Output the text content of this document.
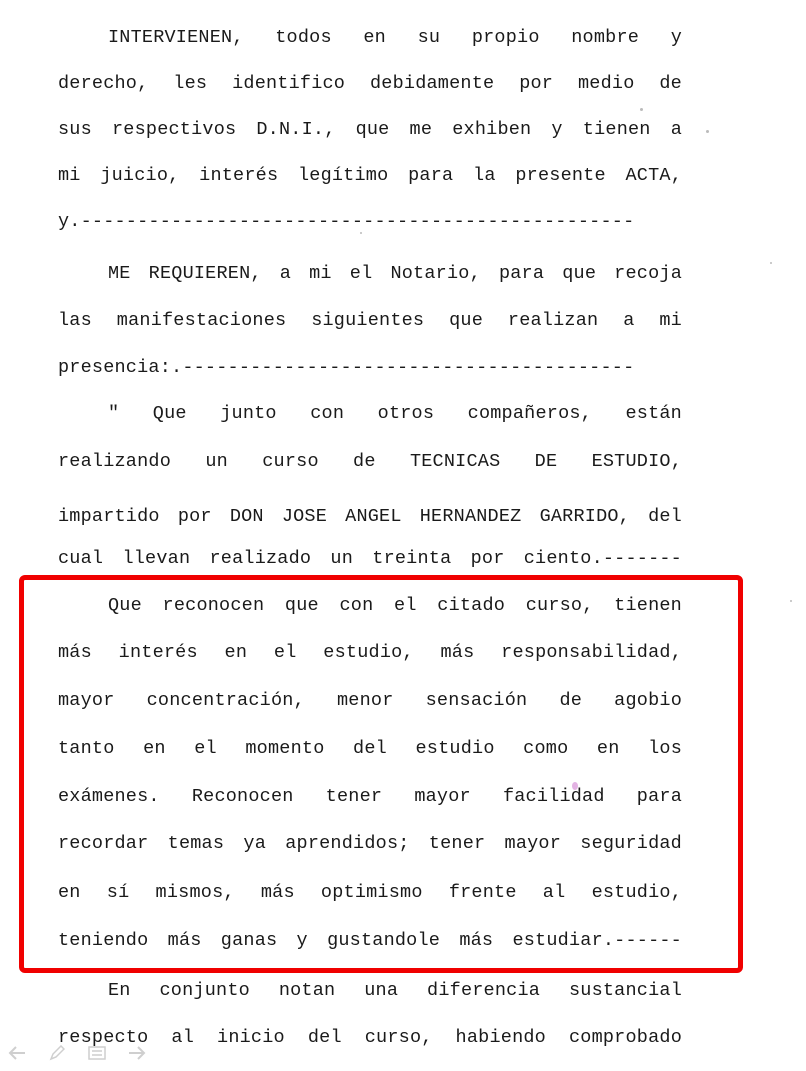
INTERVIENEN, todos en su propio nombre y
derecho, les identifico debidamente por medio de
sus respectivos D.N.I., que me exhiben y tienen a
mi juicio, interés legítimo para la presente ACTA,
y.-------------------------------------------------
ME REQUIEREN, a mi el Notario, para que recoja
las manifestaciones siguientes que realizan a mi
presencia:.----------------------------------------
" Que junto con otros compañeros, están
realizando un curso de TECNICAS DE ESTUDIO,
impartido por DON JOSE ANGEL HERNANDEZ GARRIDO, del
cual llevan realizado un treinta por ciento.-------
Que reconocen que con el citado curso, tienen
más interés en el estudio, más responsabilidad,
mayor concentración, menor sensación de agobio
tanto en el momento del estudio como en los
exámenes. Reconocen tener mayor facilidad para
recordar temas ya aprendidos; tener mayor seguridad
en sí mismos, más optimismo frente al estudio,
teniendo más ganas y gustandole más estudiar.------
En conjunto notan una diferencia sustancial
respecto al inicio del curso, habiendo comprobado
